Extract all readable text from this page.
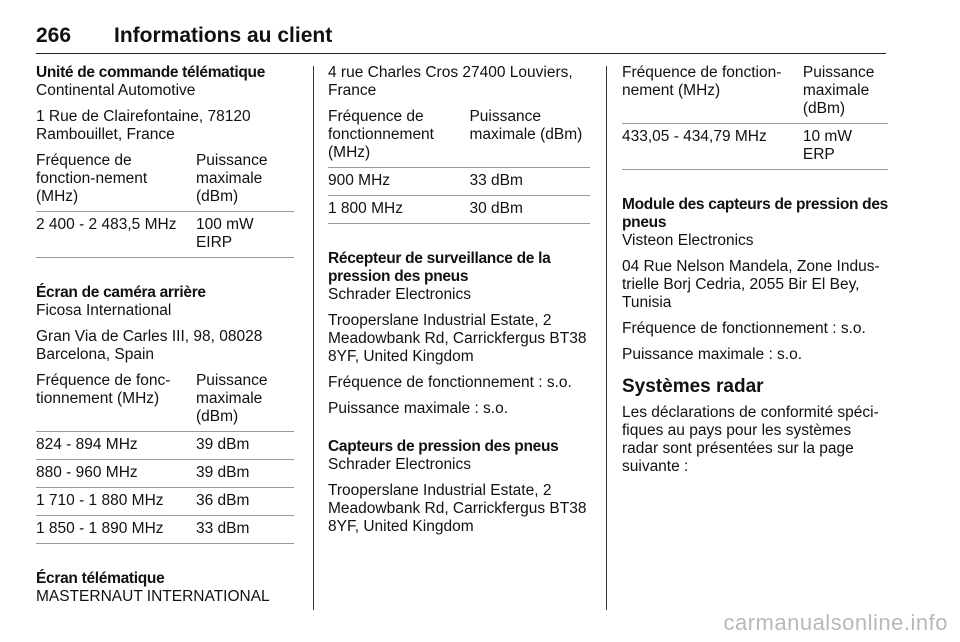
266 Informations au client
Unité de commande télématique
Continental Automotive
1 Rue de Clairefontaine, 78120 Rambouillet, France
Fréquence de fonction-nement (MHz)	Puissance maximale (dBm)
2 400 - 2 483,5 MHz	100 mW EIRP
Écran de caméra arrière
Ficosa International
Gran Via de Carles III, 98, 08028 Barcelona, Spain
Fréquence de fonc-tionnement (MHz)	Puissance maximale (dBm)
824 - 894 MHz	39 dBm
880 - 960 MHz	39 dBm
1 710 - 1 880 MHz	36 dBm
1 850 - 1 890 MHz	33 dBm
Écran télématique
MASTERNAUT INTERNATIONAL
4 rue Charles Cros 27400 Louviers, France
Fréquence de fonctionnement (MHz)	Puissance maximale (dBm)
900 MHz	33 dBm
1 800 MHz	30 dBm
Récepteur de surveillance de la pression des pneus
Schrader Electronics
Trooperslane Industrial Estate, 2 Meadowbank Rd, Carrickfergus BT38 8YF, United Kingdom
Fréquence de fonctionnement : s.o.
Puissance maximale : s.o.
Capteurs de pression des pneus
Schrader Electronics
Trooperslane Industrial Estate, 2 Meadowbank Rd, Carrickfergus BT38 8YF, United Kingdom
Fréquence de fonction-nement (MHz)	Puissance maximale (dBm)
433,05 - 434,79 MHz	10 mW ERP
Module des capteurs de pression des pneus
Visteon Electronics
04 Rue Nelson Mandela, Zone Indus-trielle Borj Cedria, 2055 Bir El Bey, Tunisia
Fréquence de fonctionnement : s.o.
Puissance maximale : s.o.
Systèmes radar
Les déclarations de conformité spéci-fiques au pays pour les systèmes radar sont présentées sur la page suivante :
carmanualsonline.info
